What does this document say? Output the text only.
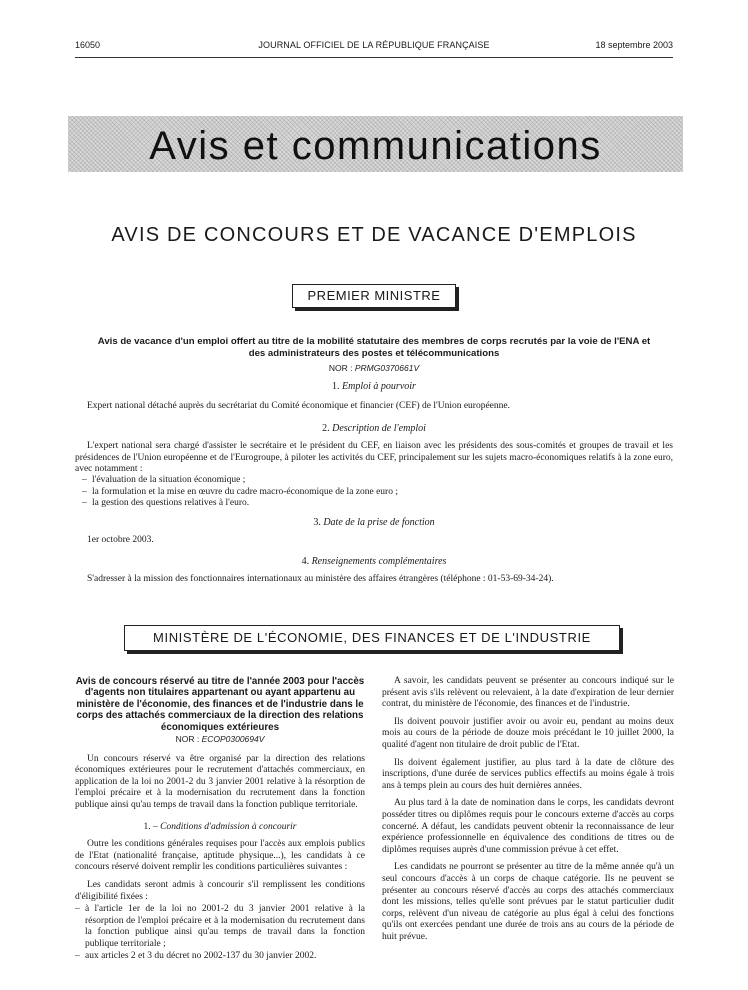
16050	JOURNAL OFFICIEL DE LA RÉPUBLIQUE FRANÇAISE	18 septembre 2003
Avis et communications
AVIS DE CONCOURS ET DE VACANCE D'EMPLOIS
PREMIER MINISTRE
Avis de vacance d'un emploi offert au titre de la mobilité statutaire des membres de corps recrutés par la voie de l'ENA et des administrateurs des postes et télécommunications
NOR : PRMG0370661V
1. Emploi à pourvoir
Expert national détaché auprès du secrétariat du Comité économique et financier (CEF) de l'Union européenne.
2. Description de l'emploi
L'expert national sera chargé d'assister le secrétaire et le président du CEF, en liaison avec les présidents des sous-comités et groupes de travail et les présidences de l'Union européenne et de l'Eurogroupe, à piloter les activités du CEF, principalement sur les sujets macro-économiques relatifs à la zone euro, avec notamment :
– l'évaluation de la situation économique ;
– la formulation et la mise en œuvre du cadre macro-économique de la zone euro ;
– la gestion des questions relatives à l'euro.
3. Date de la prise de fonction
1er octobre 2003.
4. Renseignements complémentaires
S'adresser à la mission des fonctionnaires internationaux au ministère des affaires étrangères (téléphone : 01-53-69-34-24).
MINISTÈRE DE L'ÉCONOMIE, DES FINANCES ET DE L'INDUSTRIE

Avis de concours réservé au titre de l'année 2003 pour l'accès d'agents non titulaires appartenant ou ayant appartenu au ministère de l'économie, des finances et de l'industrie dans le corps des attachés commerciaux de la direction des relations économiques extérieures

NOR : ECOP0300694V

Un concours réservé va être organisé par la direction des relations économiques extérieures pour le recrutement d'attachés commerciaux, en application de la loi no 2001-2 du 3 janvier 2001 relative à la résorption de l'emploi précaire et à la modernisation du recrutement dans la fonction publique ainsi qu'au temps de travail dans la fonction publique territoriale.

1. – Conditions d'admission à concourir

Outre les conditions générales requises pour l'accès aux emplois publics de l'Etat (nationalité française, aptitude physique...), les candidats à ce concours réservé doivent remplir les conditions particulières suivantes :

Les candidats seront admis à concourir s'il remplissent les conditions d'éligibilité fixées :

– à l'article 1er de la loi no 2001-2 du 3 janvier 2001 relative à la résorption de l'emploi précaire et à la modernisation du recrutement dans la fonction publique ainsi qu'au temps de travail dans la fonction publique territoriale ;
– aux articles 2 et 3 du décret no 2002-137 du 30 janvier 2002.

A savoir, les candidats peuvent se présenter au concours indiqué sur le présent avis s'ils relèvent ou relevaient, à la date d'expiration de leur dernier contrat, du ministère de l'économie, des finances et de l'industrie.

Ils doivent pouvoir justifier avoir ou avoir eu, pendant au moins deux mois au cours de la période de douze mois précédant le 10 juillet 2000, la qualité d'agent non titulaire de droit public de l'Etat.

Ils doivent également justifier, au plus tard à la date de clôture des inscriptions, d'une durée de services publics effectifs au moins égale à trois ans à temps plein au cours des huit dernières années.

Au plus tard à la date de nomination dans le corps, les candidats devront posséder titres ou diplômes requis pour le concours externe d'accès au corps concerné. A défaut, les candidats peuvent obtenir la reconnaissance de leur expérience professionnelle en équivalence des conditions de titres ou de diplômes requises auprès d'une commission prévue à cet effet.

Les candidats ne pourront se présenter au titre de la même année qu'à un seul concours d'accès à un corps de chaque catégorie. Ils ne peuvent se présenter au concours réservé d'accès au corps des attachés commerciaux dont les missions, telles qu'elle sont prévues par le statut particulier dudit corps, relèvent d'un niveau de catégorie au plus égal à celui des fonctions qu'ils ont exercées pendant une durée de trois ans au cours de la période de huit prévue.
